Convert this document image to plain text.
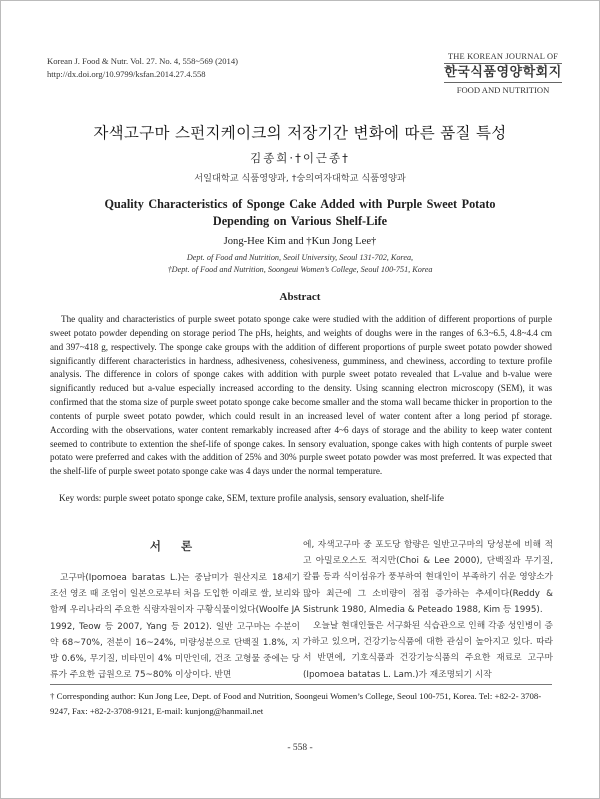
Korean J. Food & Nutr. Vol. 27. No. 4, 558~569 (2014)
http://dx.doi.org/10.9799/ksfan.2014.27.4.558
THE KOREAN JOURNAL OF
한국식품영양학회지
FOOD AND NUTRITION
자색고구마 스펀지케이크의 저장기간 변화에 따른 품질 특성
김종희·†이근종†
서일대학교 식품영양과, †숭의여자대학교 식품영양과
Quality Characteristics of Sponge Cake Added with Purple Sweet Potato
Depending on Various Shelf-Life
Jong-Hee Kim and †Kun Jong Lee†
Dept. of Food and Nutrition, Seoil University, Seoul 131-702, Korea,
†Dept. of Food and Nutrition, Soongeui Women’s College, Seoul 100-751, Korea
Abstract
The quality and characteristics of purple sweet potato sponge cake were studied with the addition of different proportions of purple sweet potato powder depending on storage period The pHs, heights, and weights of doughs were in the ranges of 6.3~6.5, 4.8~4.4 cm and 397~418 g, respectively. The sponge cake groups with the addition of different proportions of purple sweet potato powder showed significantly different characteristics in hardness, adhesiveness, cohesiveness, gumminess, and chewiness, according to texture profile analysis. The difference in colors of sponge cakes with addition with purple sweet potato revealed that L-value and b-value were significantly reduced but a-value especially increased according to the density. Using scanning electron microscopy (SEM), it was confirmed that the stoma size of purple sweet potato sponge cake become smaller and the stoma wall became thicker in proportion to the contents of purple sweet potato powder, which could result in an increased level of water content after a long period pf storage. According with the observations, water content remarkably increased after 4~6 days of storage and the ability to keep water content seemed to contribute to extention the shef-life of sponge cakes. In sensory evaluation, sponge cakes with high contents of purple sweet potato were preferred and cakes with the addition of 25% and 30% purple sweet potato powder was most preferred. It was expected that the shelf-life of purple sweet potato sponge cake was 4 days under the normal temperature.
Key words: purple sweet potato sponge cake, SEM, texture profile analysis, sensory evaluation, shelf-life
서 론

고구마(Ipomoea baratas L.)는 중남미가 원산지로 18세기 조선 영조 때 조엄이 일본으로부터 처음 도입한 이래로 쌀, 보리와 함께 우리나라의 주요한 식량자원이자 구황식물이었다(Woolfe JA 1992, Teow 등 2007, Yang 등 2012). 일반 고구마는 수분이 약 68~70%, 전분이 16~24%, 미량성분으로 단백질 1.8%, 지방 0.6%, 무기질, 비타민이 4% 미만인데, 건조 고형물 중에는 당류가 주요한 급원으로 75~80% 이상이다. 반면

에, 자색고구마 중 포도당 함량은 일반고구마의 당성분에 비해 적고 아밀로오스도 적지만(Choi & Lee 2000), 단백질과 무기질, 칼륨 등과 식이섬유가 풍부하여 현대인이 부족하기 쉬운 영양소가 많아 최근에 그 소비량이 점점 증가하는 추세이다(Reddy & Sistrunk 1980, Almedia & Peteado 1988, Kim 등 1995).

오늘날 현대인들은 서구화된 식습관으로 인해 각종 성인병이 증가하고 있으며, 건강기능식품에 대한 관심이 높아지고 있다. 따라서 반면에, 기호식품과 건강기능식품의 주요한 재료로 고구마(Ipomoea batatas L. Lam.)가 재조명되기 시작

† Corresponding author: Kun Jong Lee, Dept. of Food and Nutrition, Soongeui Women’s College, Seoul 100-751, Korea. Tel: +82-2- 3708-9247, Fax: +82-2-3708-9121, E-mail: kunjong@hanmail.net
- 558 -
